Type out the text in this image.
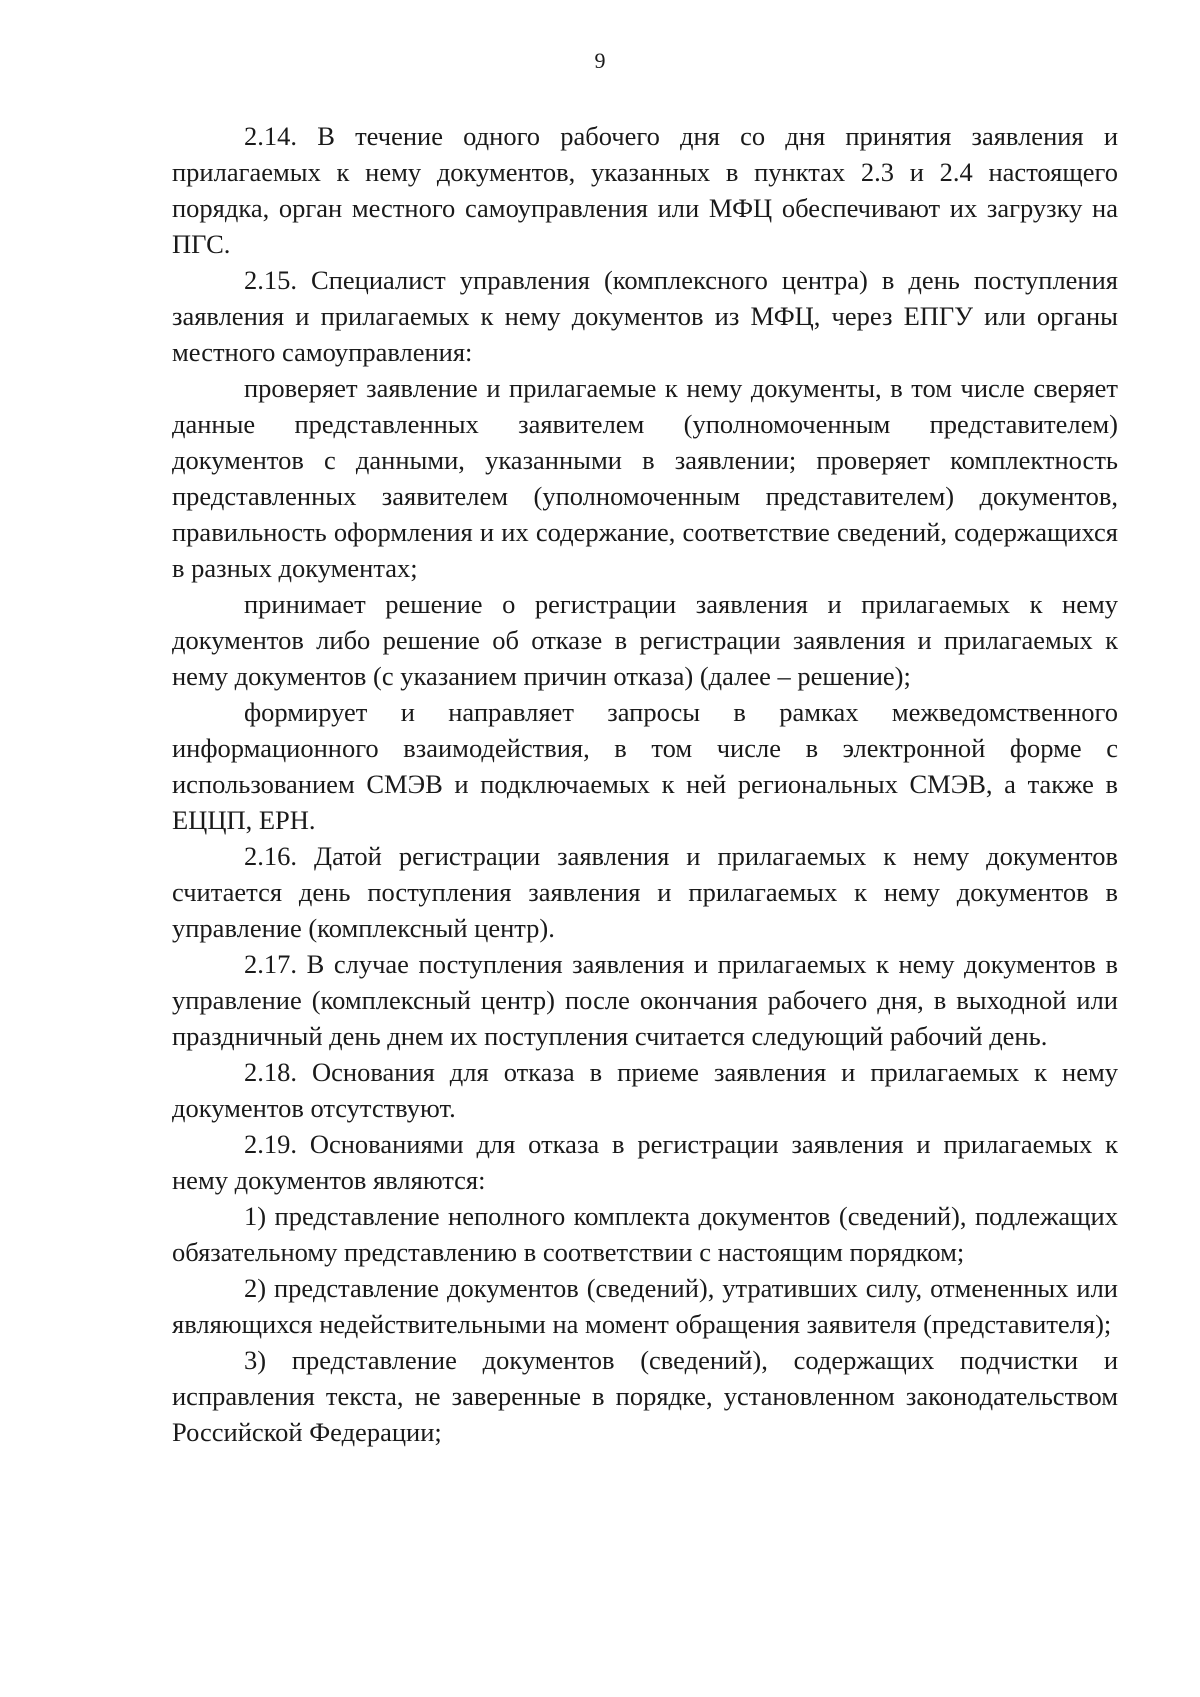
9

2.14. В течение одного рабочего дня со дня принятия заявления и прилагаемых к нему документов, указанных в пунктах 2.3 и 2.4 настоящего порядка, орган местного самоуправления или МФЦ обеспечивают их загрузку на ПГС.

2.15. Специалист управления (комплексного центра) в день поступления заявления и прилагаемых к нему документов из МФЦ, через ЕПГУ или органы местного самоуправления:

проверяет заявление и прилагаемые к нему документы, в том числе сверяет данные представленных заявителем (уполномоченным представителем) документов с данными, указанными в заявлении; проверяет комплектность представленных заявителем (уполномоченным представителем) документов, правильность оформления и их содержание, соответствие сведений, содержащихся в разных документах;

принимает решение о регистрации заявления и прилагаемых к нему документов либо решение об отказе в регистрации заявления и прилагаемых к нему документов (с указанием причин отказа) (далее – решение);

формирует и направляет запросы в рамках межведомственного информационного взаимодействия, в том числе в электронной форме с использованием СМЭВ и подключаемых к ней региональных СМЭВ, а также в ЕЦЦП, ЕРН.

2.16. Датой регистрации заявления и прилагаемых к нему документов считается день поступления заявления и прилагаемых к нему документов в управление (комплексный центр).

2.17. В случае поступления заявления и прилагаемых к нему документов в управление (комплексный центр) после окончания рабочего дня, в выходной или праздничный день днем их поступления считается следующий рабочий день.

2.18. Основания для отказа в приеме заявления и прилагаемых к нему документов отсутствуют.

2.19. Основаниями для отказа в регистрации заявления и прилагаемых к нему документов являются:

1) представление неполного комплекта документов (сведений), подлежащих обязательному представлению в соответствии с настоящим порядком;

2) представление документов (сведений), утративших силу, отмененных или являющихся недействительными на момент обращения заявителя (представителя);

3) представление документов (сведений), содержащих подчистки и исправления текста, не заверенные в порядке, установленном законодательством Российской Федерации;
